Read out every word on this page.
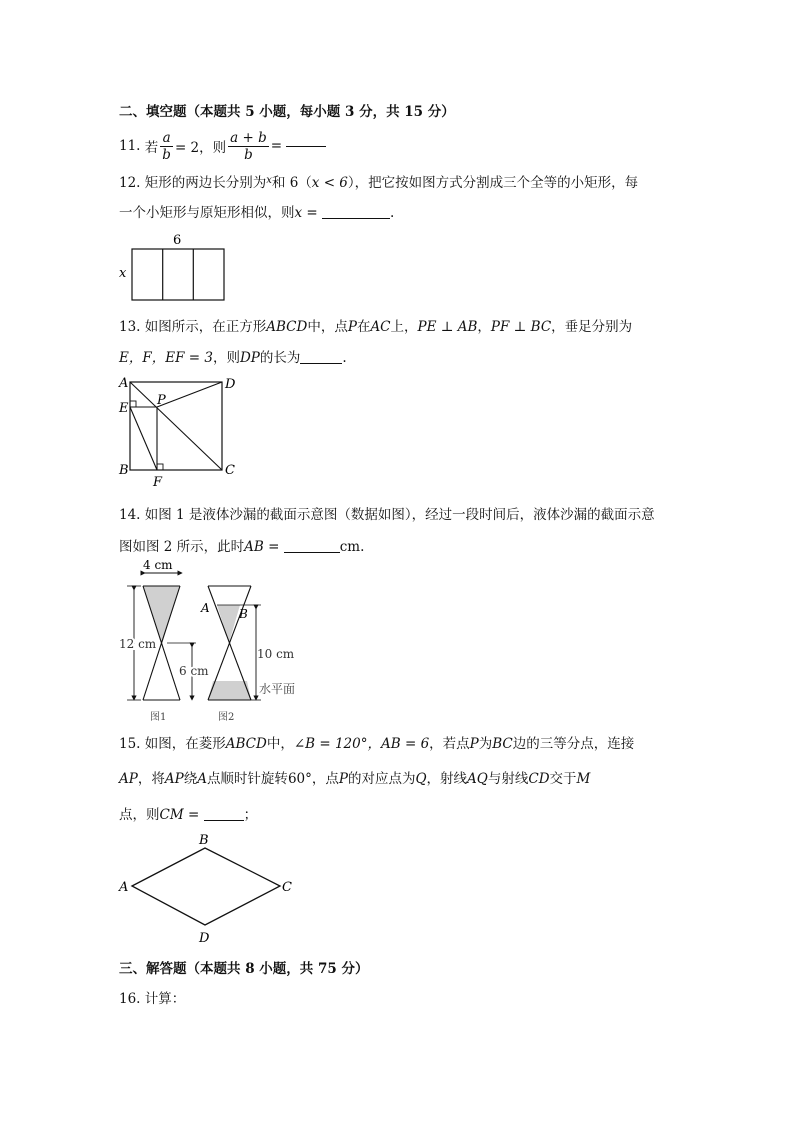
二、填空题（本题共 5 小题，每小题 3 分，共 15 分）
11.
若 $\frac{a}{b} = 2$，则 $\frac{a + b}{b}$ =

12. 矩形的两边长分别为$^x$和 6（x < 6），把它按如图方式分割成三个全等的小矩形，每
一个小矩形与原矩形相似，则x =	.
6
x
13. 如图所示，在正方形ABCD中，点P在AC上，PE ⊥ AB，PF ⊥ BC，垂足分别为
E，F，EF = 3，则DP的长为	.
A	D
E
P
B	C
F
14. 如图 1 是液体沙漏的截面示意图（数据如图），经过一段时间后，液体沙漏的截面示意
图如图 2 所示，此时AB =	cm.
4 cm
12 cm
6 cm
图1
A B
10 cm
水平面
图2
15. 如图，在菱形ABCD中，∠B = 120°，AB = 6，若点P为BC边的三等分点，连接
AP，将AP绕A点顺时针旋转60°，点P的对应点为Q，射线AQ与射线CD交于M
点，则CM =	；
B
A	C
D
三、解答题（本题共 8 小题，共 75 分）
16. 计算：
